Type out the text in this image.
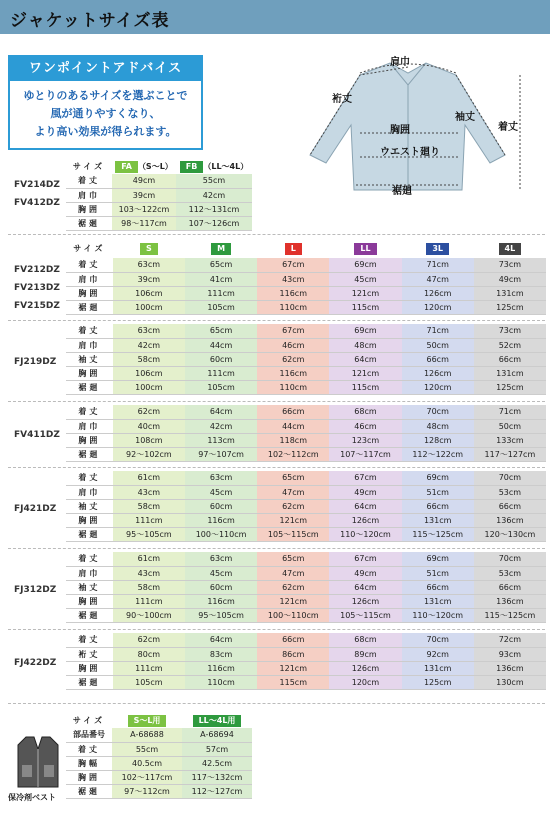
ジャケットサイズ表
ワンポイントアドバイス
ゆとりのあるサイズを選ぶことで
風が通りやすくなり、
より高い効果が得られます。
肩巾
裄丈
袖丈
着丈
胸囲
ウエスト廻り
裾廻
FV214DZ
FV412DZ
サイズ	FA （S〜L）	FB （LL〜4L）
着丈	49cm	55cm
肩巾	39cm	42cm
胸囲	103〜122cm	112〜131cm
裾廻	98〜117cm	107〜126cm
サイズ	S	M	L	LL	3L	4L
FV212DZ
FV213DZ
FV215DZ
着丈	63cm	65cm	67cm	69cm	71cm	73cm
肩巾	39cm	41cm	43cm	45cm	47cm	49cm
胸囲	106cm	111cm	116cm	121cm	126cm	131cm
裾廻	100cm	105cm	110cm	115cm	120cm	125cm
FJ219DZ
着丈	63cm	65cm	67cm	69cm	71cm	73cm
肩巾	42cm	44cm	46cm	48cm	50cm	52cm
袖丈	58cm	60cm	62cm	64cm	66cm	66cm
胸囲	106cm	111cm	116cm	121cm	126cm	131cm
裾廻	100cm	105cm	110cm	115cm	120cm	125cm
FV411DZ
着丈	62cm	64cm	66cm	68cm	70cm	71cm
肩巾	40cm	42cm	44cm	46cm	48cm	50cm
胸囲	108cm	113cm	118cm	123cm	128cm	133cm
裾廻	92〜102cm	97〜107cm	102〜112cm	107〜117cm	112〜122cm	117〜127cm
FJ421DZ
着丈	61cm	63cm	65cm	67cm	69cm	70cm
肩巾	43cm	45cm	47cm	49cm	51cm	53cm
袖丈	58cm	60cm	62cm	64cm	66cm	66cm
胸囲	111cm	116cm	121cm	126cm	131cm	136cm
裾廻	95〜105cm	100〜110cm	105〜115cm	110〜120cm	115〜125cm	120〜130cm
FJ312DZ
着丈	61cm	63cm	65cm	67cm	69cm	70cm
肩巾	43cm	45cm	47cm	49cm	51cm	53cm
袖丈	58cm	60cm	62cm	64cm	66cm	66cm
胸囲	111cm	116cm	121cm	126cm	131cm	136cm
裾廻	90〜100cm	95〜105cm	100〜110cm	105〜115cm	110〜120cm	115〜125cm
FJ422DZ
着丈	62cm	64cm	66cm	68cm	70cm	72cm
裄丈	80cm	83cm	86cm	89cm	92cm	93cm
胸囲	111cm	116cm	121cm	126cm	131cm	136cm
裾廻	105cm	110cm	115cm	120cm	125cm	130cm
保冷剤ベスト
サイズ	S〜L用	LL〜4L用
部品番号	A-68688	A-68694
着丈	55cm	57cm
胸幅	40.5cm	42.5cm
胸囲	102〜117cm	117〜132cm
裾廻	97〜112cm	112〜127cm
